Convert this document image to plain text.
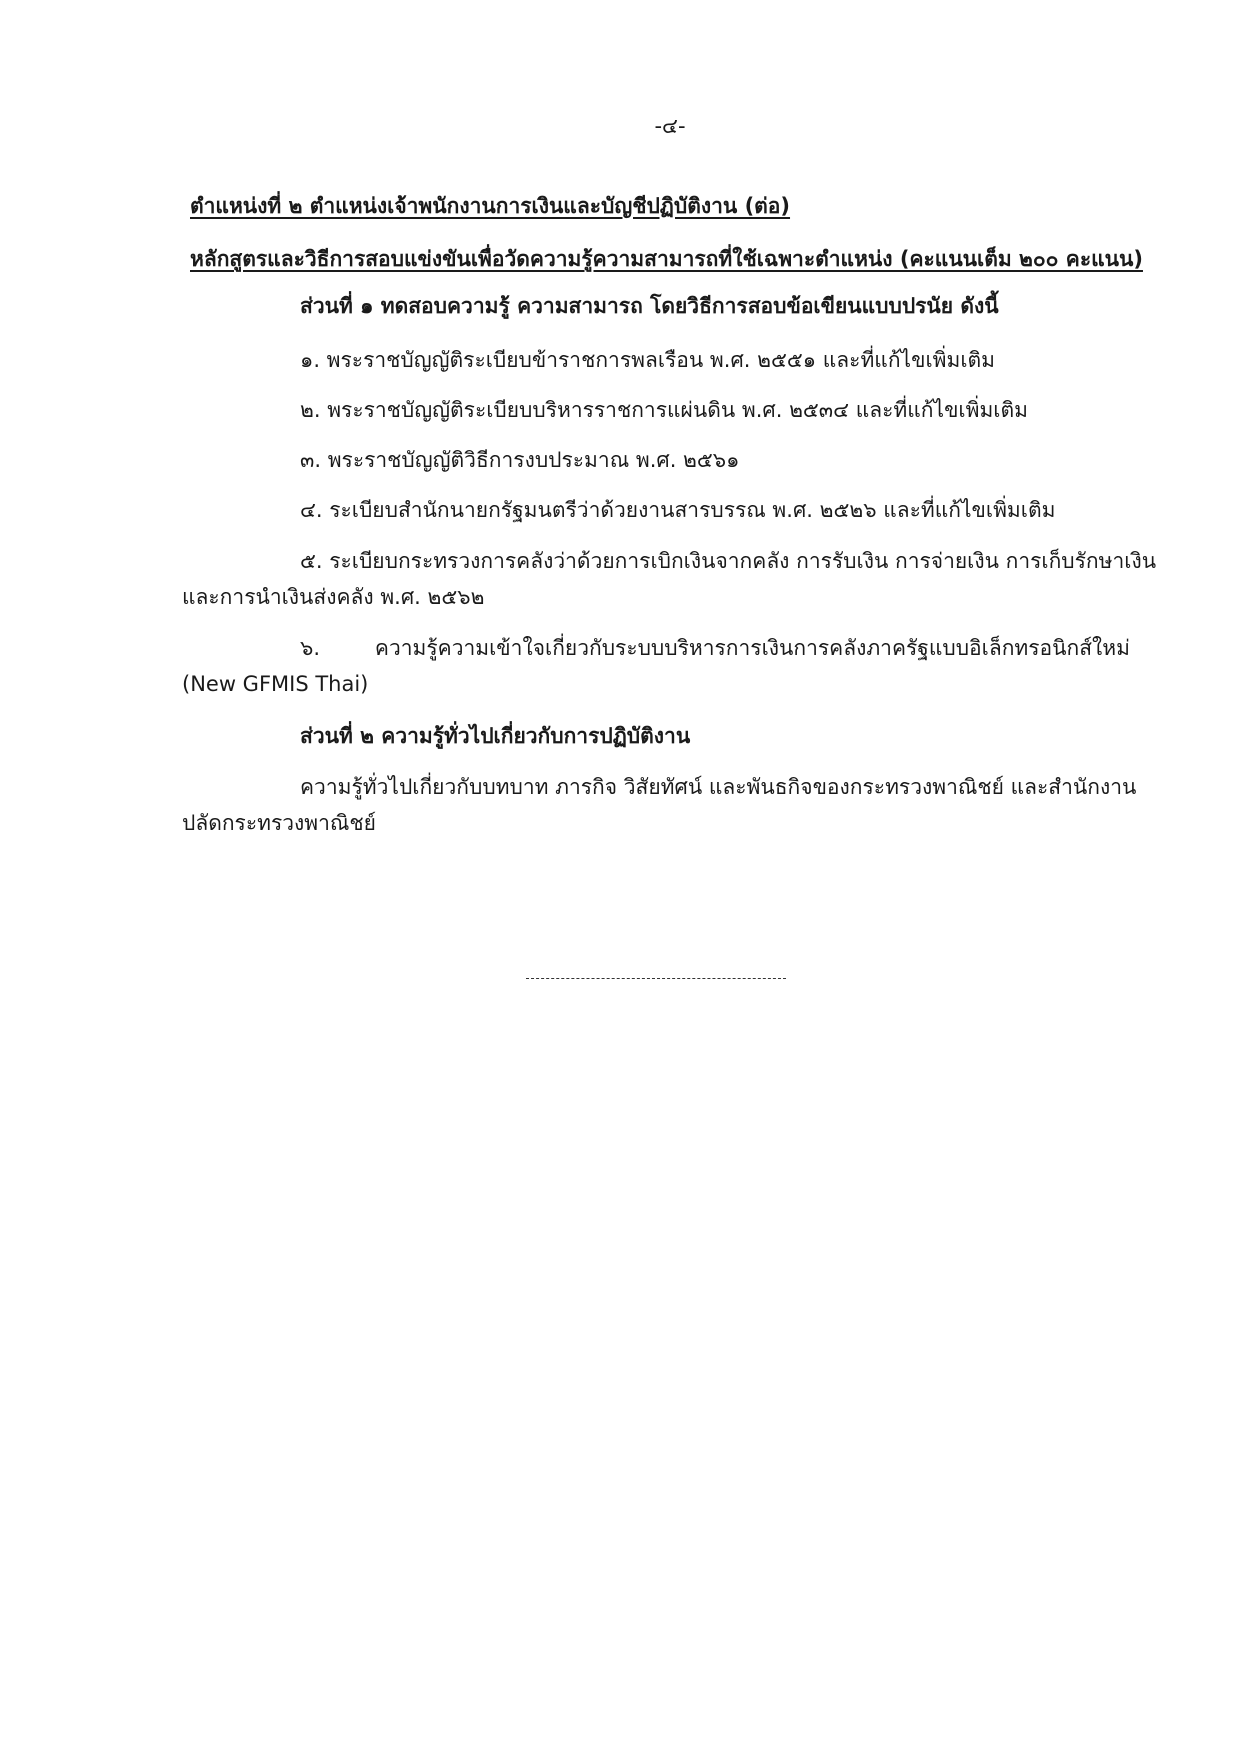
-๔-
ตำแหน่งที่ ๒ ตำแหน่งเจ้าพนักงานการเงินและบัญชีปฏิบัติงาน (ต่อ)
หลักสูตรและวิธีการสอบแข่งขันเพื่อวัดความรู้ความสามารถที่ใช้เฉพาะตำแหน่ง (คะแนนเต็ม ๒๐๐ คะแนน)
ส่วนที่ ๑ ทดสอบความรู้ ความสามารถ โดยวิธีการสอบข้อเขียนแบบปรนัย ดังนี้
๑. พระราชบัญญัติระเบียบข้าราชการพลเรือน พ.ศ. ๒๕๕๑ และที่แก้ไขเพิ่มเติม
๒. พระราชบัญญัติระเบียบบริหารราชการแผ่นดิน พ.ศ. ๒๕๓๔ และที่แก้ไขเพิ่มเติม
๓. พระราชบัญญัติวิธีการงบประมาณ พ.ศ. ๒๕๖๑
๔. ระเบียบสำนักนายกรัฐมนตรีว่าด้วยงานสารบรรณ พ.ศ. ๒๕๒๖ และที่แก้ไขเพิ่มเติม
๕. ระเบียบกระทรวงการคลังว่าด้วยการเบิกเงินจากคลัง การรับเงิน การจ่ายเงิน การเก็บรักษาเงิน
และการนำเงินส่งคลัง พ.ศ. ๒๕๖๒
๖. ความรู้ความเข้าใจเกี่ยวกับระบบบริหารการเงินการคลังภาครัฐแบบอิเล็กทรอนิกส์ใหม่
(New GFMIS Thai)
ส่วนที่ ๒ ความรู้ทั่วไปเกี่ยวกับการปฏิบัติงาน
ความรู้ทั่วไปเกี่ยวกับบทบาท ภารกิจ วิสัยทัศน์ และพันธกิจของกระทรวงพาณิชย์ และสำนักงาน
ปลัดกระทรวงพาณิชย์
